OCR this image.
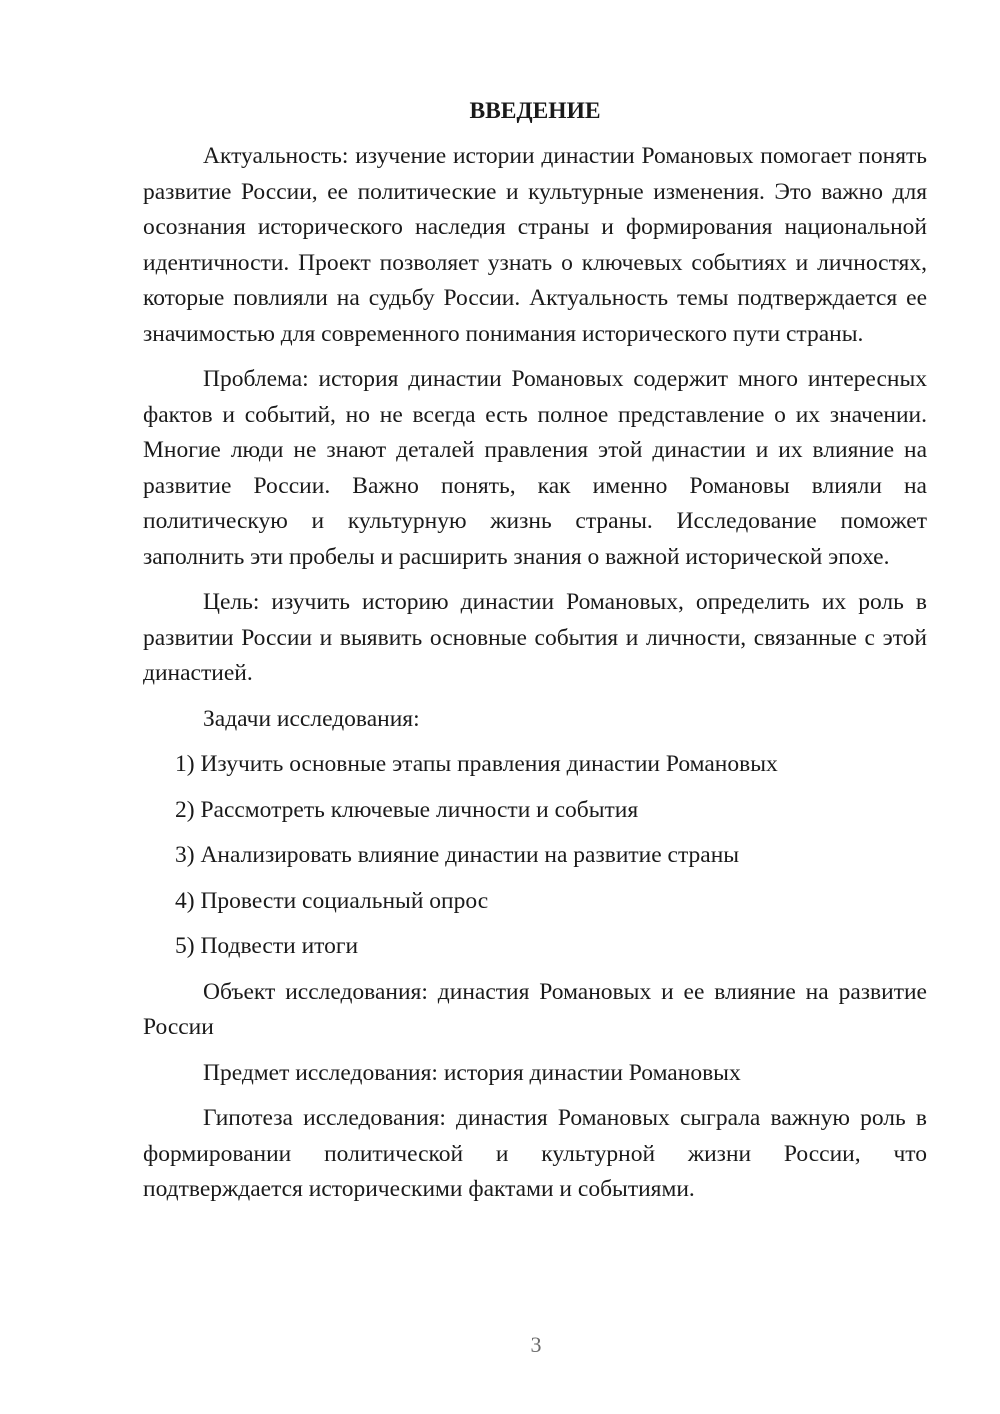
ВВЕДЕНИЕ

Актуальность: изучение истории династии Романовых помогает понять развитие России, ее политические и культурные изменения. Это важно для осознания исторического наследия страны и формирования национальной идентичности. Проект позволяет узнать о ключевых событиях и личностях, которые повлияли на судьбу России. Актуальность темы подтверждается ее значимостью для современного понимания исторического пути страны.

Проблема: история династии Романовых содержит много интересных фактов и событий, но не всегда есть полное представление о их значении. Многие люди не знают деталей правления этой династии и их влияние на развитие России. Важно понять, как именно Романовы влияли на политическую и культурную жизнь страны. Исследование поможет заполнить эти пробелы и расширить знания о важной исторической эпохе.

Цель: изучить историю династии Романовых, определить их роль в развитии России и выявить основные события и личности, связанные с этой династией.

Задачи исследования:

1) Изучить основные этапы правления династии Романовых
2) Рассмотреть ключевые личности и события
3) Анализировать влияние династии на развитие страны
4) Провести социальный опрос
5) Подвести итоги

Объект исследования: династия Романовых и ее влияние на развитие России

Предмет исследования: история династии Романовых

Гипотеза исследования: династия Романовых сыграла важную роль в формировании политической и культурной жизни России, что подтверждается историческими фактами и событиями.

3
